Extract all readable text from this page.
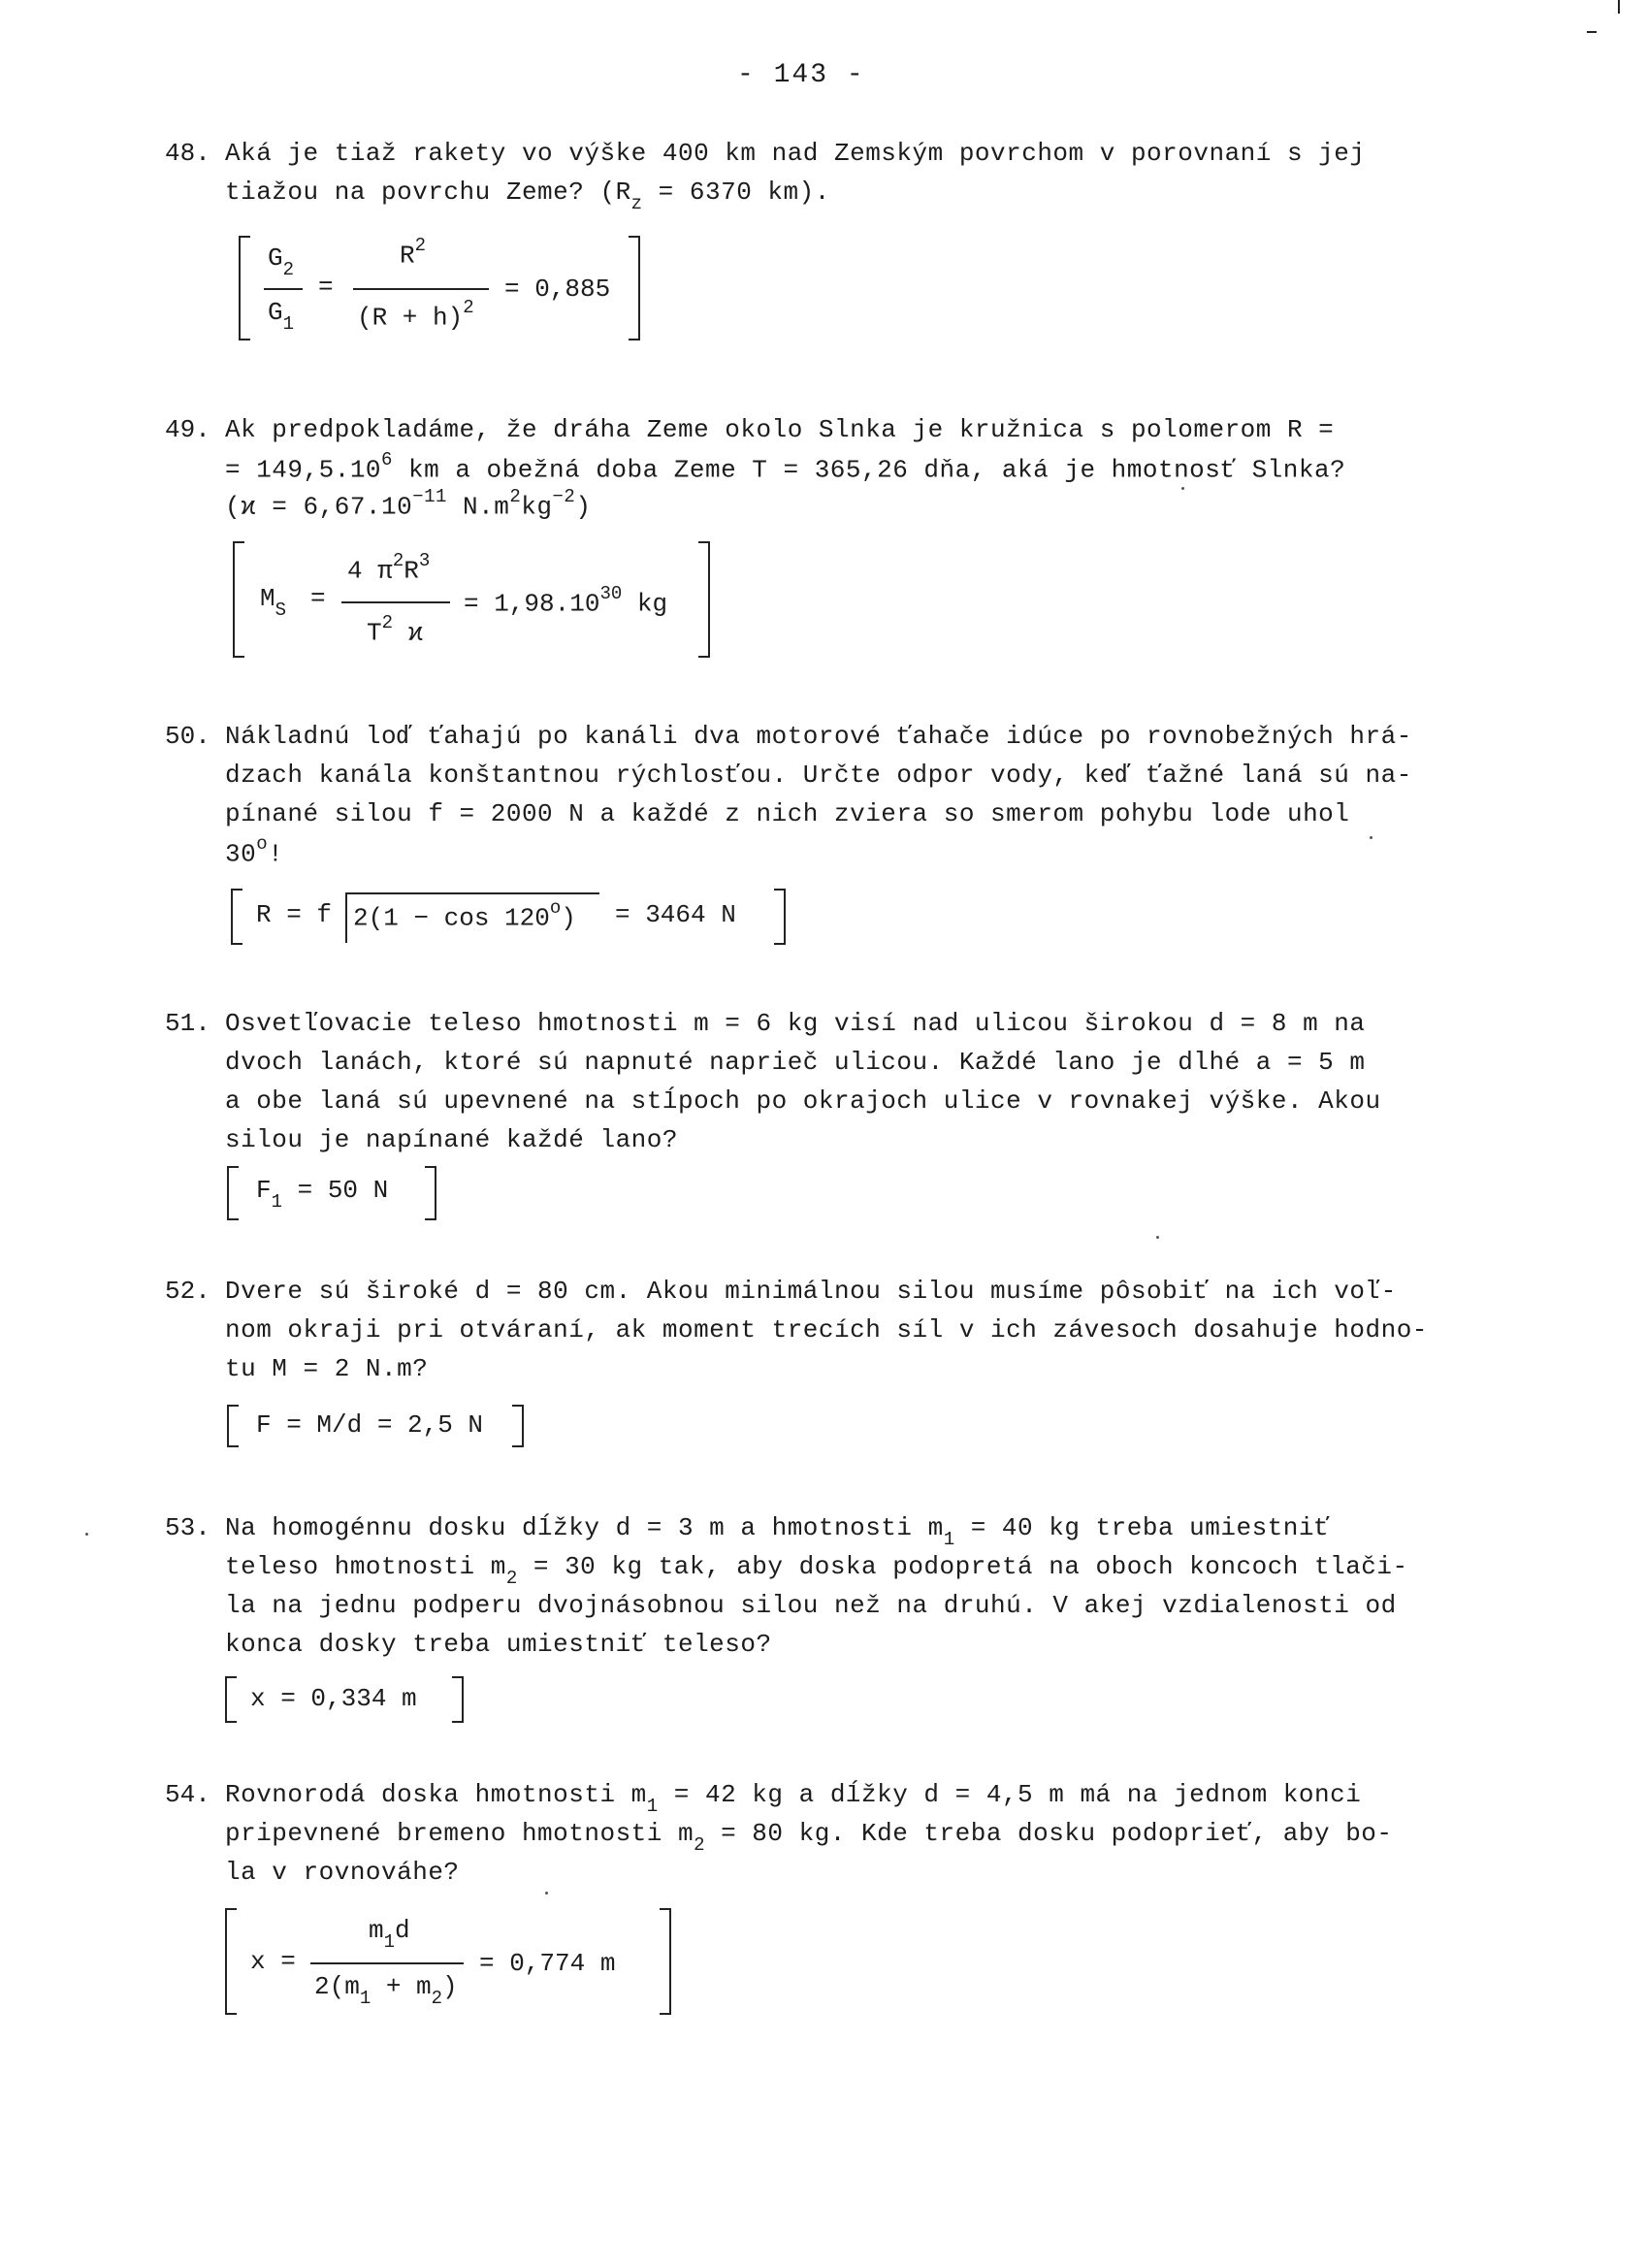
- 143 -
48. Aká je tiaž rakety vo výške 400 km nad Zemským povrchom v porovnaní s jej
tiažou na povrchu Zeme? ($R_z = 6370$ km).
$G_2$
$G_1$
=
$R^2$
$(R + h)^2$
= 0,885
49. Ak predpokladáme, že dráha Zeme okolo Slnka je kružnica s polomerom R =
= $149,5.10^6$ km a obežná doba Zeme T = 365,26 dňa, aká je hmotnosť Slnka?
($ϰ = 6,67.10^{-11}$ $N.m^2kg^{-2}$)
$M_S$ =
4 $\pi^2R^3$
$T^2$ ϰ
= $1,98.10^{30}$ kg
50. Nákladnú loď ťahajú po kanáli dva motorové ťahače idúce po rovnobežných hrá-
dzach kanála konštantnou rýchlosťou. Určte odpor vody, keď ťažné laná sú na-
pínané silou f = 2000 N a každé z nich zviera so smerom pohybu lode uhol
30$^o$!
R = f $2(1 - \cos 120^o) = 3464$ N
51. Osvetľovacie teleso hmotnosti m = 6 kg visí nad ulicou širokou d = 8 m na
dvoch lanách, ktoré sú napnuté naprieč ulicou. Každé lano je dlhé a = 5 m
a obe laná sú upevnené na stĺpoch po okrajoch ulice v rovnakej výške. Akou
silou je napínané každé lano?
$F_1 = 50$ N
52. Dvere sú široké d = 80 cm. Akou minimálnou silou musíme pôsobiť na ich voľ-
nom okraji pri otváraní, ak moment trecích síl v ich závesoch dosahuje hodno-
tu M = 2 N.m?
F = M/d = 2,5 N
53. Na homogénnu dosku dĺžky d = 3 m a hmotnosti $m_1 = 40$ kg treba umiestniť
teleso hmotnosti $m_2 = 30$ kg tak, aby doska podopretá na oboch koncoch tlači-
la na jednu podperu dvojnásobnou silou než na druhú. V akej vzdialenosti od
konca dosky treba umiestniť teleso?
x = 0,334 m
54. Rovnorodá doska hmotnosti $m_1 = 42$ kg a dĺžky d = 4,5 m má na jednom konci
pripevnené bremeno hmotnosti $m_2 = 80$ kg. Kde treba dosku podoprieť, aby bo-
la v rovnováhe?
x =
$m_1d$
$2(m_1 + m_2)$
= 0,774 m
